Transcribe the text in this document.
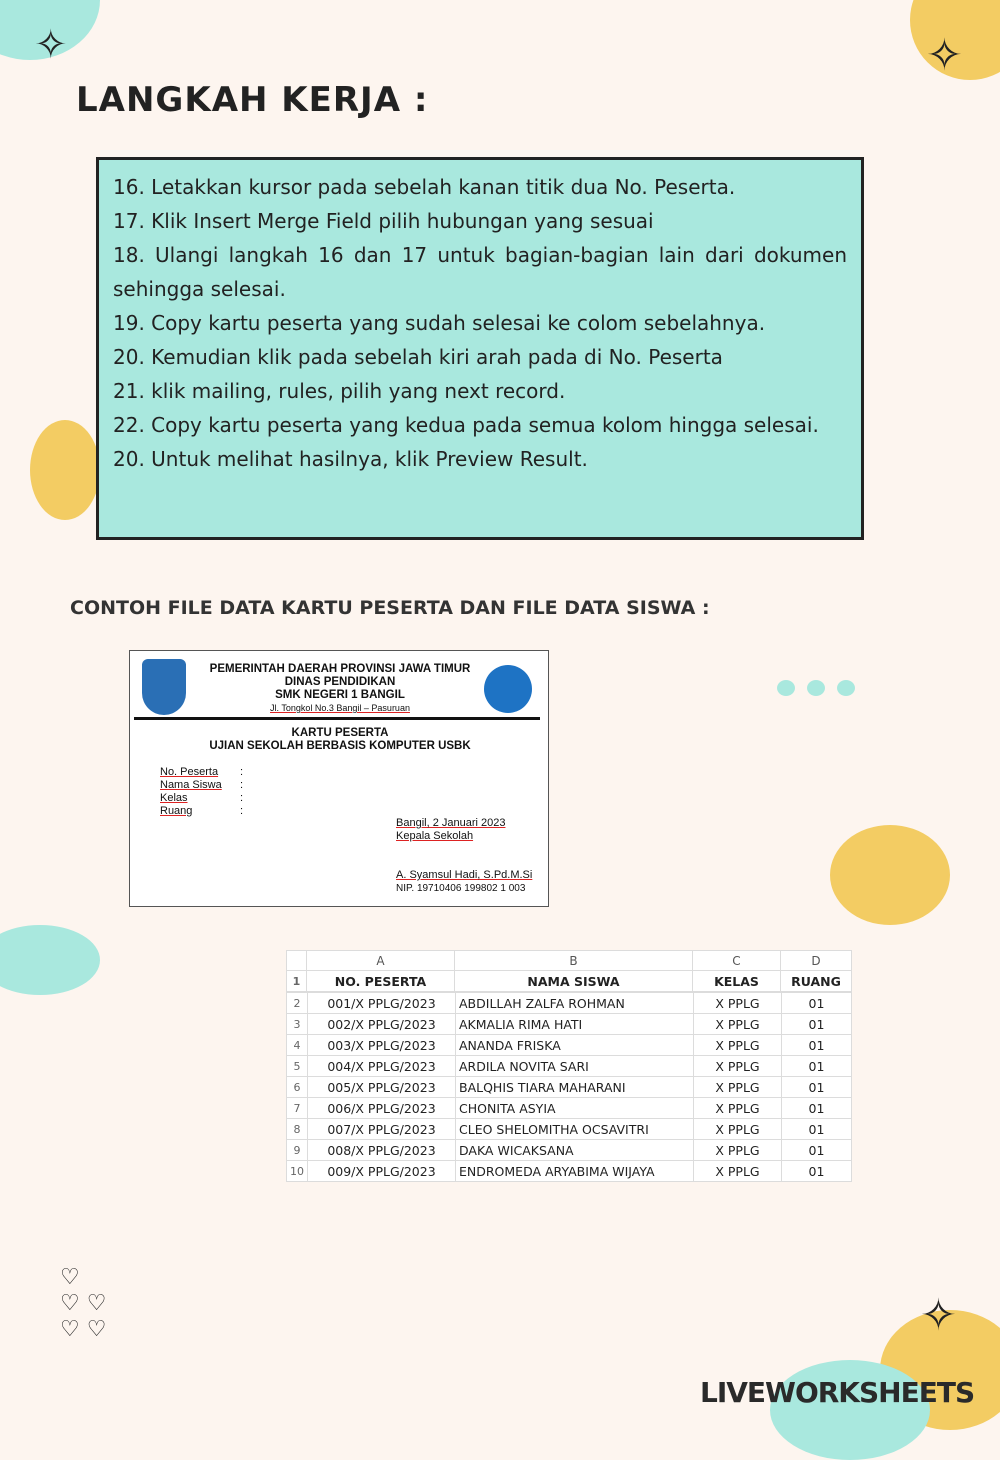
✧	✧
✧
♡
♡ ♡
♡ ♡
LANGKAH KERJA :

16. Letakkan kursor pada sebelah kanan titik dua No. Peserta.

17. Klik Insert Merge Field pilih hubungan yang sesuai

18. Ulangi langkah 16 dan 17 untuk bagian-bagian lain dari dokumen sehingga selesai.

19. Copy kartu peserta yang sudah selesai ke colom sebelahnya.

20. Kemudian klik pada sebelah kiri arah pada di No. Peserta

21. klik mailing, rules, pilih yang next record.

22. Copy kartu peserta yang kedua pada semua kolom hingga selesai.

20. Untuk melihat hasilnya, klik Preview Result.

CONTOH FILE DATA KARTU PESERTA DAN FILE DATA SISWA :
PEMERINTAH DAERAH PROVINSI JAWA TIMUR
DINAS PENDIDIKAN
SMK NEGERI 1 BANGIL
Jl. Tongkol No.3 Bangil – Pasuruan
KARTU PESERTA
UJIAN SEKOLAH BERBASIS KOMPUTER USBK
No. Peserta :
Nama Siswa :
Kelas	:
Ruang	:
Bangil, 2 Januari 2023
Kepala Sekolah
A. Syamsul Hadi, S.Pd.M.Si
NIP. 19710406 199802 1 003
	A	B	C	D
1	NO. PESERTA	NAMA SISWA	KELAS	RUANG
2	001/X PPLG/2023	ABDILLAH ZALFA ROHMAN	X PPLG	01
3	002/X PPLG/2023	AKMALIA RIMA HATI	X PPLG	01
4	003/X PPLG/2023	ANANDA FRISKA	X PPLG	01
5	004/X PPLG/2023	ARDILA NOVITA SARI	X PPLG	01
6	005/X PPLG/2023	BALQHIS TIARA MAHARANI	X PPLG	01
7	006/X PPLG/2023	CHONITA ASYIA	X PPLG	01
8	007/X PPLG/2023	CLEO SHELOMITHA OCSAVITRI	X PPLG	01
9	008/X PPLG/2023	DAKA WICAKSANA	X PPLG	01
10	009/X PPLG/2023	ENDROMEDA ARYABIMA WIJAYA	X PPLG	01
LIVEWORKSHEETS
